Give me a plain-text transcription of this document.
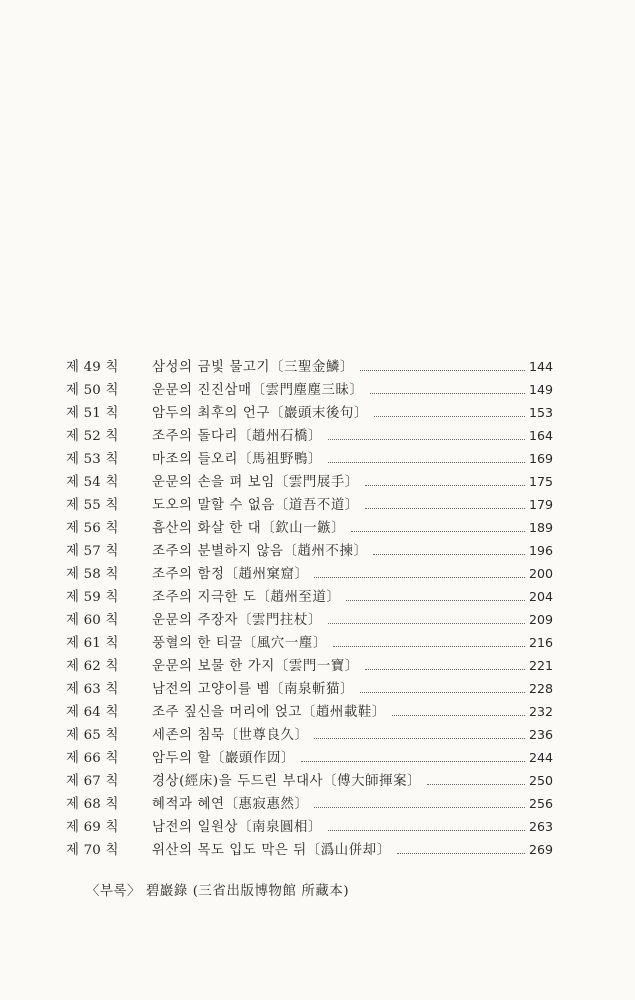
제 49 칙	삼성의 금빛 물고기〔三聖金鱗〕	144
제 50 칙	운문의 진진삼매〔雲門塵塵三昧〕	149
제 51 칙	암두의 최후의 언구〔巖頭末後句〕	153
제 52 칙	조주의 돌다리〔趙州石橋〕	164
제 53 칙	마조의 들오리〔馬祖野鴨〕	169
제 54 칙	운문의 손을 펴 보임〔雲門展手〕	175
제 55 칙	도오의 말할 수 없음〔道吾不道〕	179
제 56 칙	흠산의 화살 한 대〔欽山一鏃〕	189
제 57 칙	조주의 분별하지 않음〔趙州不揀〕	196
제 58 칙	조주의 함정〔趙州窠窟〕	200
제 59 칙	조주의 지극한 도〔趙州至道〕	204
제 60 칙	운문의 주장자〔雲門拄杖〕	209
제 61 칙	풍혈의 한 티끌〔風穴一塵〕	216
제 62 칙	운문의 보물 한 가지〔雲門一寶〕	221
제 63 칙	남전의 고양이를 벰〔南泉斬猫〕	228
제 64 칙	조주 짚신을 머리에 얹고〔趙州載鞋〕	232
제 65 칙	세존의 침묵〔世尊良久〕	236
제 66 칙	암두의 할〔巖頭作㘞〕	244
제 67 칙	경상(經床)을 두드린 부대사〔傅大師揮案〕	250
제 68 칙	혜적과 혜연〔惠寂惠然〕	256
제 69 칙	남전의 일원상〔南泉圓相〕	263
제 70 칙	위산의 목도 입도 막은 뒤〔潙山併却〕	269
〈부록〉 碧巖錄 (三省出版博物館 所藏本)
